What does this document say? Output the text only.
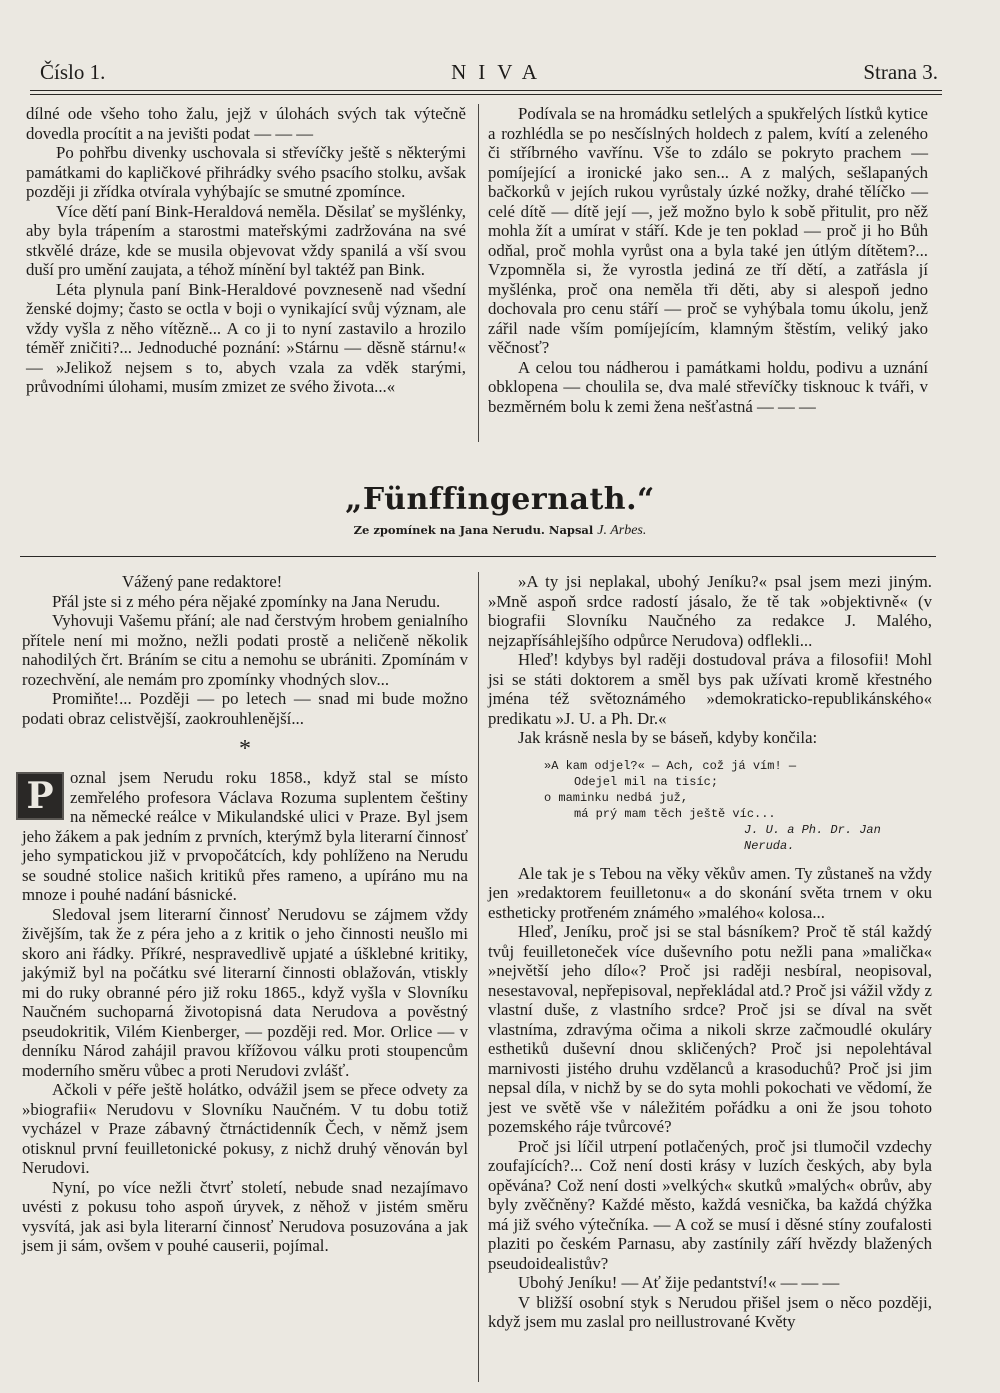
Číslo 1.	NIVA	Strana 3.

dílné ode všeho toho žalu, jejž v úlohách svých tak výtečně dovedla procítit a na jevišti podat — — —

Po pohřbu divenky uschovala si střevíčky ještě s některými památkami do kapličkové přihrádky svého psacího stolku, avšak později ji zřídka otvírala vyhýbajíc se smutné zpomínce.

Více dětí paní Bink-Heraldová neměla. Děsilať se myšlénky, aby byla trápením a starostmi mateřskými zadržována na své stkvělé dráze, kde se musila objevovat vždy spanilá a vší svou duší pro umění zaujata, a téhož mínění byl taktéž pan Bink.

Léta plynula paní Bink-Heraldové povzneseně nad všední ženské dojmy; často se octla v boji o vynikající svůj význam, ale vždy vyšla z něho vítězně... A co ji to nyní zastavilo a hrozilo téměř zničiti?... Jednoduché poznání: »Stárnu — děsně stárnu!« — »Jelikož nejsem s to, abych vzala za vděk starými, průvodními úlohami, musím zmizet ze svého života...«

Podívala se na hromádku setlelých a spukřelých lístků kytice a rozhlédla se po nesčíslných holdech z palem, kvítí a zeleného či stříbrného vavřínu. Vše to zdálo se pokryto prachem — pomíjející a ironické jako sen... A z malých, sešlapaných bačkorků v jejích rukou vyrůstaly úzké nožky, drahé tělíčko — celé dítě — dítě její —, jež možno bylo k sobě přitulit, pro něž mohla žít a umírat v stáří. Kde je ten poklad — proč ji ho Bůh odňal, proč mohla vyrůst ona a byla také jen útlým dítětem?... Vzpomněla si, že vyrostla jediná ze tří dětí, a zatřásla jí myšlénka, proč ona neměla tři děti, aby si alespoň jedno dochovala pro cenu stáří — proč se vyhýbala tomu úkolu, jenž zářil nade vším pomíjejícím, klamným štěstím, veliký jako věčnosť?

A celou tou nádherou i památkami holdu, podivu a uznání obklopena — choulila se, dva malé střevíčky tisknouc k tváři, v bezměrném bolu k zemi žena nešťastná — — —

„Fünffingernath.“
Ze zpomínek na Jana Nerudu. Napsal J. Arbes.

Vážený pane redaktore!

Přál jste si z mého péra nějaké zpomínky na Jana Nerudu.

Vyhovuji Vašemu přání; ale nad čerstvým hrobem genialního přítele není mi možno, nežli podati prostě a neličeně několik nahodilých črt. Bráním se citu a nemohu se ubrániti. Zpomínám v rozechvění, ale nemám pro zpomínky vhodných slov...

Promiňte!... Později — po letech — snad mi bude možno podati obraz celistvější, zaokrouhlenější...

*

P oznal jsem Nerudu roku 1858., když stal se místo zemřelého profesora Václava Rozuma suplentem češtiny na německé reálce v Mikulandské ulici v Praze. Byl jsem jeho žákem a pak jedním z prvních, kterýmž byla literarní činnosť jeho sympatickou již v prvopočátcích, kdy pohlíženo na Nerudu se soudné stolice našich kritiků přes rameno, a upíráno mu na mnoze i pouhé nadání básnické.

Sledoval jsem literarní činnosť Nerudovu se zájmem vždy živějším, tak že z péra jeho a z kritik o jeho činnosti neušlo mi skoro ani řádky. Příkré, nespravedlivě upjaté a úšklebné kritiky, jakýmiž byl na počátku své literarní činnosti oblažován, vtiskly mi do ruky obranné péro již roku 1865., když vyšla v Slovníku Naučném suchoparná životopisná data Nerudova a pověstný pseudokritik, Vilém Kienberger, — později red. Mor. Orlice — v denníku Národ zahájil pravou křížovou válku proti stoupencům moderního směru vůbec a proti Nerudovi zvlášť.

Ačkoli v péře ještě holátko, odvážil jsem se přece odvety za »biografii« Nerudovu v Slovníku Naučném. V tu dobu totiž vycházel v Praze zábavný čtrnáctidenník Čech, v němž jsem otisknul první feuilletonické pokusy, z nichž druhý věnován byl Nerudovi.

Nyní, po více nežli čtvrť století, nebude snad nezajímavo uvésti z pokusu toho aspoň úryvek, z něhož v jistém směru vysvítá, jak asi byla literarní činnosť Nerudova posuzována a jak jsem ji sám, ovšem v pouhé causerii, pojímal.

»A ty jsi neplakal, ubohý Jeníku?« psal jsem mezi jiným. »Mně aspoň srdce radostí jásalo, že tě tak »objektivně« (v biografii Slovníku Naučného za redakce J. Malého, nejzapřísáhlejšího odpůrce Nerudova) odflekli...

Hleď! kdybys byl raději dostudoval práva a filosofii! Mohl jsi se státi doktorem a směl bys pak užívati kromě křestného jména též světoznámého »demokraticko-republikánského« predikatu »J. U. a Ph. Dr.«

Jak krásně nesla by se báseň, kdyby končila:

»A kam odjel?« — Ach, což já vím! —
Odejel mil na tisíc;
o maminku nedbá juž,
má prý mam těch ještě víc...
J. U. a Ph. Dr. Jan Neruda.

Ale tak je s Tebou na věky věkův amen. Ty zůstaneš na vždy jen »redaktorem feuilletonu« a do skonání světa trnem v oku estheticky protřeném známého »malého« kolosa...

Hleď, Jeníku, proč jsi se stal básníkem? Proč tě stál každý tvůj feuilletoneček více duševního potu nežli pana »malička« »největší jeho dílo«? Proč jsi raději nesbíral, neopisoval, nesestavoval, nepřepisoval, nepřekládal atd.? Proč jsi vážil vždy z vlastní duše, z vlastního srdce? Proč jsi se díval na svět vlastníma, zdravýma očima a nikoli skrze začmoudlé okuláry esthetiků duševní dnou skličených? Proč jsi nepolehtával marnivosti jistého druhu vzdělanců a krasoduchů? Proč jsi jim nepsal díla, v nichž by se do syta mohli pokochati ve vědomí, že jest ve světě vše v náležitém pořádku a oni že jsou tohoto pozemského ráje tvůrcové?

Proč jsi líčil utrpení potlačených, proč jsi tlumočil vzdechy zoufajících?... Což není dosti krásy v luzích českých, aby byla opěvána? Což není dosti »velkých« skutků »malých« obrův, aby byly zvěčněny? Každé město, každá vesnička, ba každá chýžka má již svého výtečníka. — A což se musí i děsné stíny zoufalosti plaziti po českém Parnasu, aby zastínily září hvězdy blažených pseudoidealistův?

Ubohý Jeníku! — Ať žije pedantství!« — — —

V bližší osobní styk s Nerudou přišel jsem o něco později, když jsem mu zaslal pro neillustrované Květy
